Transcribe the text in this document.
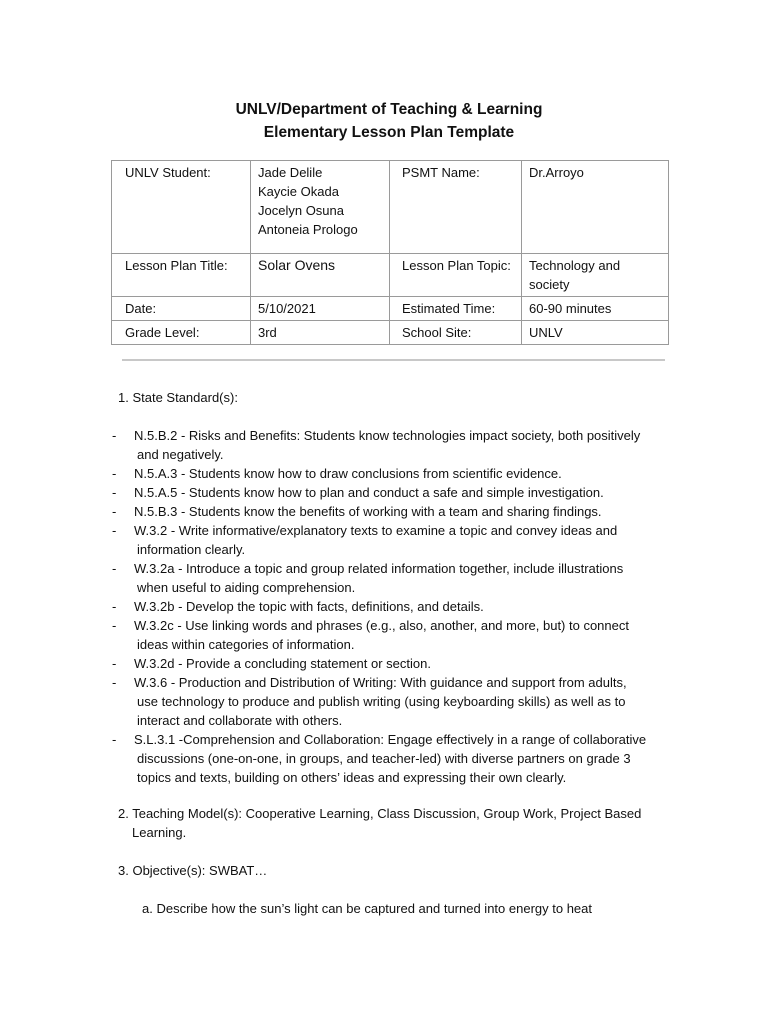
UNLV/Department of Teaching & Learning
Elementary Lesson Plan Template
UNLV Student:	Jade Delile
Kaycie Okada
Jocelyn Osuna
Antoneia Prologo	PSMT Name:	Dr.Arroyo
Lesson Plan Title:	Solar Ovens	Lesson Plan Topic:	Technology and
society

Date:	5/10/2021	Estimated Time:	60-90 minutes
Grade Level:	3rd	School Site:	UNLV
1. State Standard(s):
- N.5.B.2 - Risks and Benefits: Students know technologies impact society, both positively
and negatively.
- N.5.A.3 - Students know how to draw conclusions from scientific evidence.
- N.5.A.5 - Students know how to plan and conduct a safe and simple investigation.
- N.5.B.3 - Students know the benefits of working with a team and sharing findings.
- W.3.2 - Write informative/explanatory texts to examine a topic and convey ideas and
information clearly.
- W.3.2a - Introduce a topic and group related information together, include illustrations
when useful to aiding comprehension.
- W.3.2b - Develop the topic with facts, definitions, and details.
- W.3.2c - Use linking words and phrases (e.g., also, another, and more, but) to connect
ideas within categories of information.
- W.3.2d - Provide a concluding statement or section.
- W.3.6 - Production and Distribution of Writing: With guidance and support from adults,
use technology to produce and publish writing (using keyboarding skills) as well as to
interact and collaborate with others.
- S.L.3.1 -Comprehension and Collaboration: Engage effectively in a range of collaborative
discussions (one-on-one, in groups, and teacher-led) with diverse partners on grade 3
topics and texts, building on others’ ideas and expressing their own clearly.
2. Teaching Model(s): Cooperative Learning, Class Discussion, Group Work, Project Based
Learning.
3. Objective(s): SWBAT…
a. Describe how the sun’s light can be captured and turned into energy to heat
